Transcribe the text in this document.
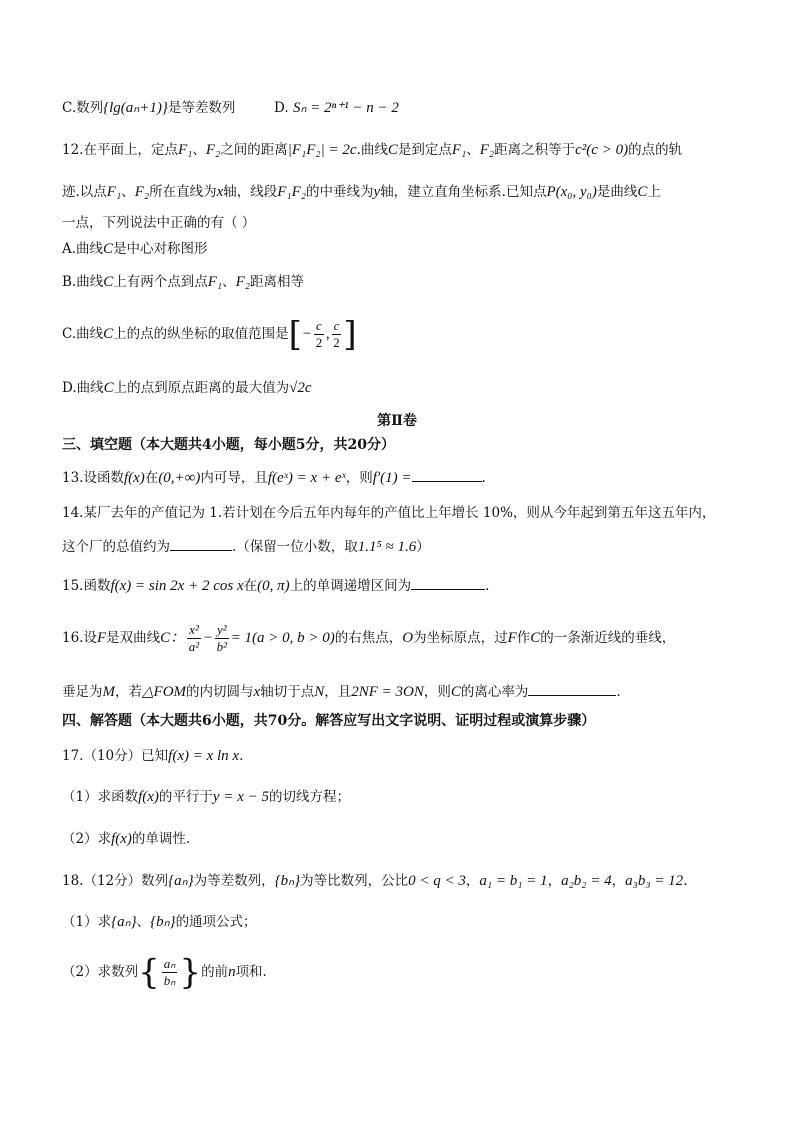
C.数列{lg(aₙ+1)}是等差数列	D. Sₙ = 2ⁿ⁺¹ − n − 2
12.在平面上，定点F₁、F₂之间的距离|F₁F₂| = 2c.曲线C是到定点F₁、F₂距离之积等于c²(c > 0)的点的轨
迹.以点F₁、F₂所在直线为x轴，线段F₁F₂的中垂线为y轴，建立直角坐标系.已知点P(x₀, y₀)是曲线C上
一点，下列说法中正确的有（ ）
A.曲线C是中心对称图形
B.曲线C上有两个点到点F₁、F₂距离相等
C.曲线C上的点的纵坐标的取值范围是[− $\frac{c}{2}$ , $\frac{c}{2}$ ]
D.曲线C上的点到原点距离的最大值为√2c
第Ⅱ卷
三、填空题（本大题共4小题，每小题5分，共20分）
13.设函数f(x)在(0,+∞)内可导，且f(eˣ) = x + eˣ，则f′(1) =	.
14.某厂去年的产值记为 1.若计划在今后五年内每年的产值比上年增长 10%，则从今年起到第五年这五年内，
这个厂的总值约为	.（保留一位小数，取1.1⁵ ≈ 1.6）
15.函数f(x) = sin 2x + 2 cos x在(0, π)上的单调递增区间为	.
16.设F是双曲线C： $\frac{\text{x²}}{\text{a²}} - \frac{\text{y²}}{\text{b²}} = 1(a > 0$, b > 0)的右焦点，O为坐标原点，过F作C的一条渐近线的垂线，
垂足为M，若△FOM的内切圆与x轴切于点N，且2NF = 3ON，则C的离心率为	.
四、解答题（本大题共6小题，共70分。解答应写出文字说明、证明过程或演算步骤）
17.（10分）已知f(x) = x ln x.
（1）求函数f(x)的平行于y = x − 5的切线方程；
（2）求f(x)的单调性.
18.（12分）数列{aₙ}为等差数列，{bₙ}为等比数列，公比0 < q < 3，a₁ = b₁ = 1，a₂b₂ = 4，a₃b₃ = 12.
（1）求{aₙ}、{bₙ}的通项公式；
（2）求数列{ $\frac{\text{aₙ}}{\text{bₙ}}$ }的前n项和.
